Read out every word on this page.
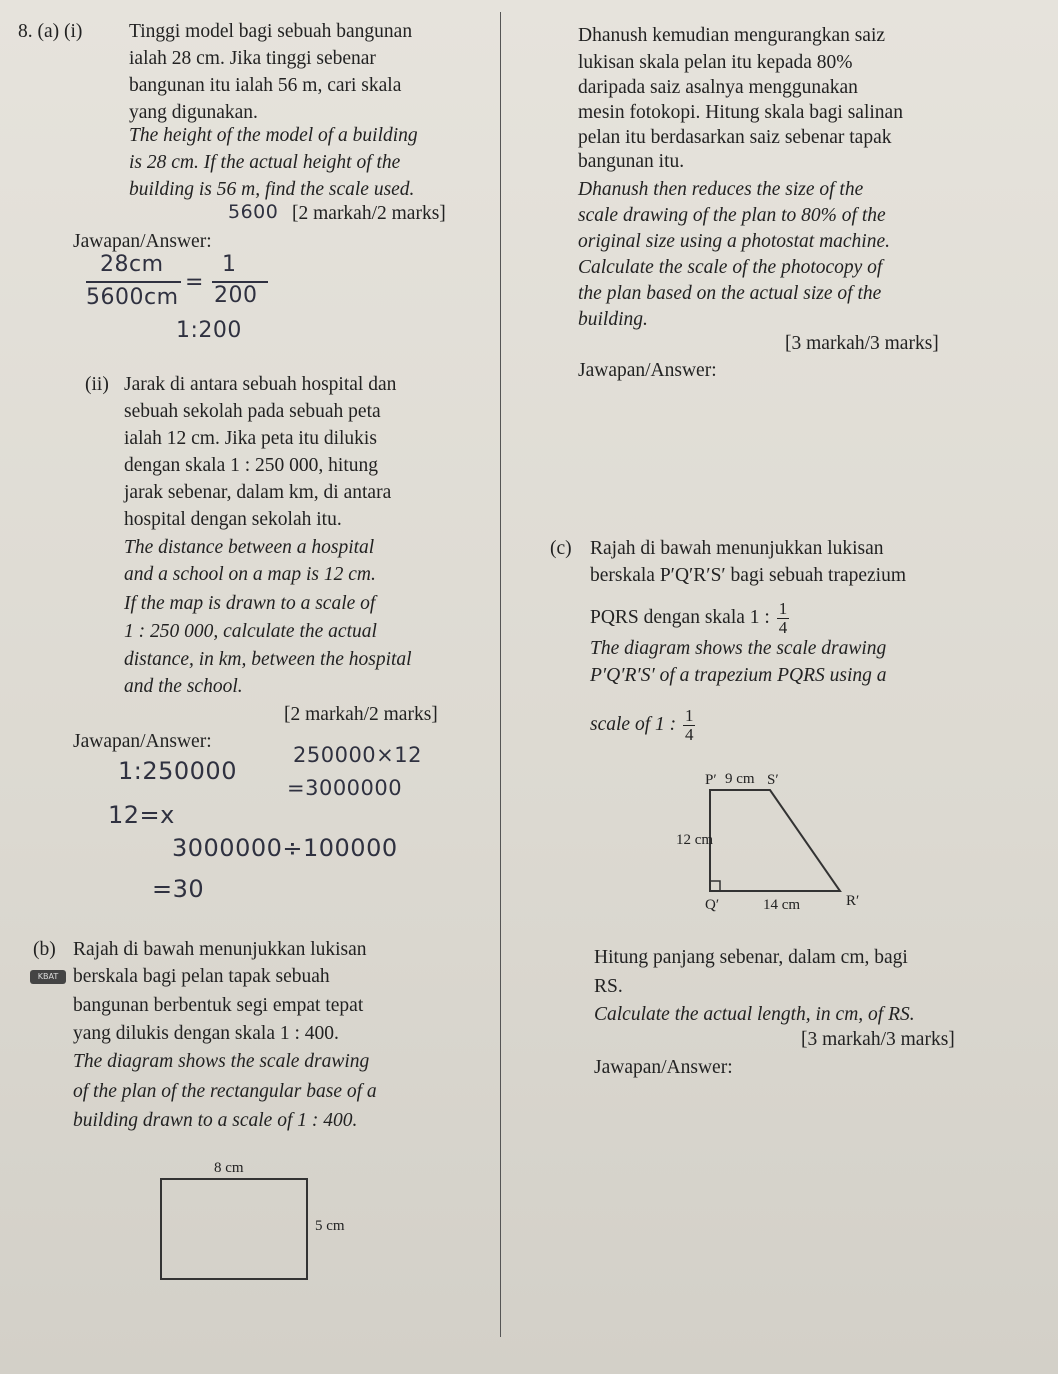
8. (a) (i) Tinggi model bagi sebuah bangunan
ialah 28 cm. Jika tinggi sebenar
bangunan itu ialah 56 m, cari skala
yang digunakan.
The height of the model of a building
is 28 cm. If the actual height of the
building is 56 m, find the scale used.
5600 [2 markah/2 marks]
Jawapan/Answer:
28cm
5600cm
=
1
200
1:200
(ii) Jarak di antara sebuah hospital dan
sebuah sekolah pada sebuah peta
ialah 12 cm. Jika peta itu dilukis
dengan skala 1 : 250 000, hitung
jarak sebenar, dalam km, di antara
hospital dengan sekolah itu.
The distance between a hospital
and a school on a map is 12 cm.
If the map is drawn to a scale of
1 : 250 000, calculate the actual
distance, in km, between the hospital
and the school.
[2 markah/2 marks]
Jawapan/Answer:
1:250000
12=x
250000×12
=3000000
3000000÷100000
=30
(b) Rajah di bawah menunjukkan lukisan
KBAT berskala bagi pelan tapak sebuah
bangunan berbentuk segi empat tepat
yang dilukis dengan skala 1 : 400.
The diagram shows the scale drawing
of the plan of the rectangular base of a
building drawn to a scale of 1 : 400.
8 cm
5 cm
Dhanush kemudian mengurangkan saiz
lukisan skala pelan itu kepada 80%
daripada saiz asalnya menggunakan
mesin fotokopi. Hitung skala bagi salinan
pelan itu berdasarkan saiz sebenar tapak
bangunan itu.
Dhanush then reduces the size of the
scale drawing of the plan to 80% of the
original size using a photostat machine.
Calculate the scale of the photocopy of
the plan based on the actual size of the
building.
[3 markah/3 marks]
Jawapan/Answer:
(c) Rajah di bawah menunjukkan lukisan
berskala P′Q′R′S′ bagi sebuah trapezium
PQRS dengan skala 1 : $\frac{1}{4}$
The diagram shows the scale drawing
P′Q′R′S′ of a trapezium PQRS using a
scale of 1 : $\frac{1}{4}$
P′ 9 cm S′
12 cm
Q′	14 cm	R′
Hitung panjang sebenar, dalam cm, bagi
RS.
Calculate the actual length, in cm, of RS.
[3 markah/3 marks]
Jawapan/Answer:
